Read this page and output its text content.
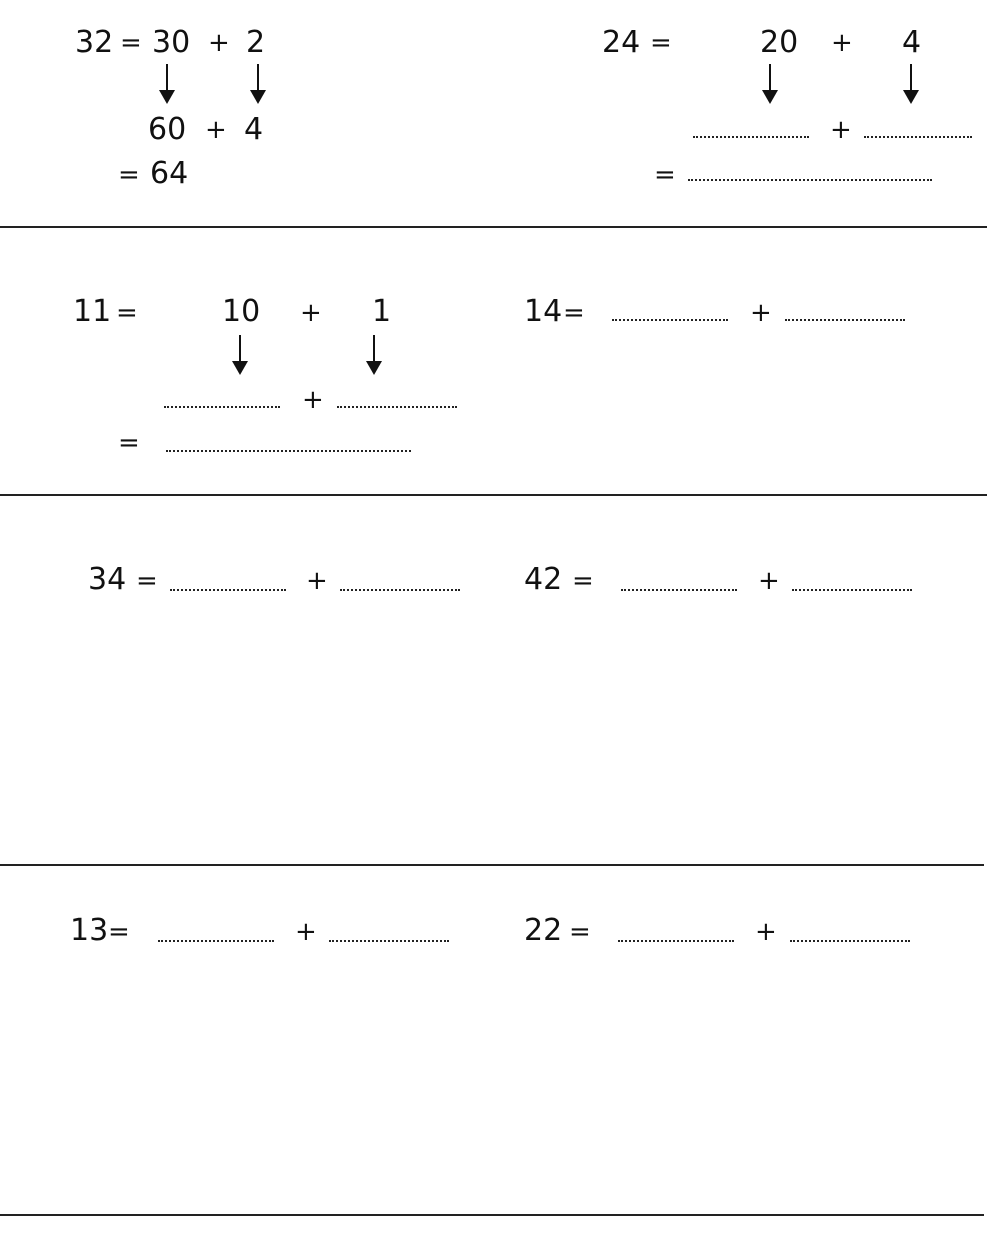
32 = 30 + 2
60 + 4
= 64
24 =	20 + 4
+
=
11 =	10 + 1
+
=
14 =	+
34 =	+	42 =	+
13 =	+	22 =	+
